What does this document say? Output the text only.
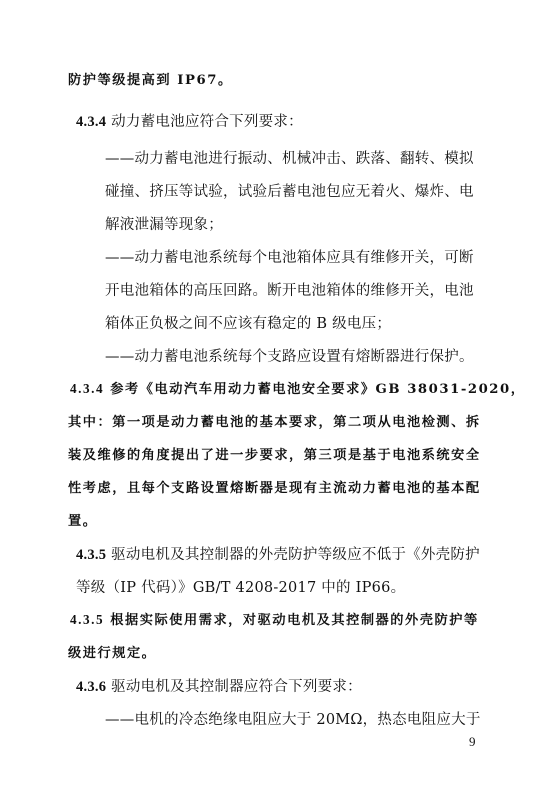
防护等级提高到 IP67。

4.3.4 动力蓄电池应符合下列要求：

——动力蓄电池进行振动、机械冲击、跌落、翻转、模拟

碰撞、挤压等试验，试验后蓄电池包应无着火、爆炸、电

解液泄漏等现象；

——动力蓄电池系统每个电池箱体应具有维修开关，可断

开电池箱体的高压回路。断开电池箱体的维修开关，电池

箱体正负极之间不应该有稳定的 B 级电压；

——动力蓄电池系统每个支路应设置有熔断器进行保护。

4.3.4 参考《电动汽车用动力蓄电池安全要求》GB 38031-2020，

其中：第一项是动力蓄电池的基本要求，第二项从电池检测、拆

装及维修的角度提出了进一步要求，第三项是基于电池系统安全

性考虑，且每个支路设置熔断器是现有主流动力蓄电池的基本配

置。

4.3.5 驱动电机及其控制器的外壳防护等级应不低于《外壳防护

等级（IP 代码）》GB/T 4208-2017 中的 IP66。

4.3.5 根据实际使用需求，对驱动电机及其控制器的外壳防护等

级进行规定。

4.3.6 驱动电机及其控制器应符合下列要求：

——电机的冷态绝缘电阻应大于 20MΩ，热态电阻应大于

9
